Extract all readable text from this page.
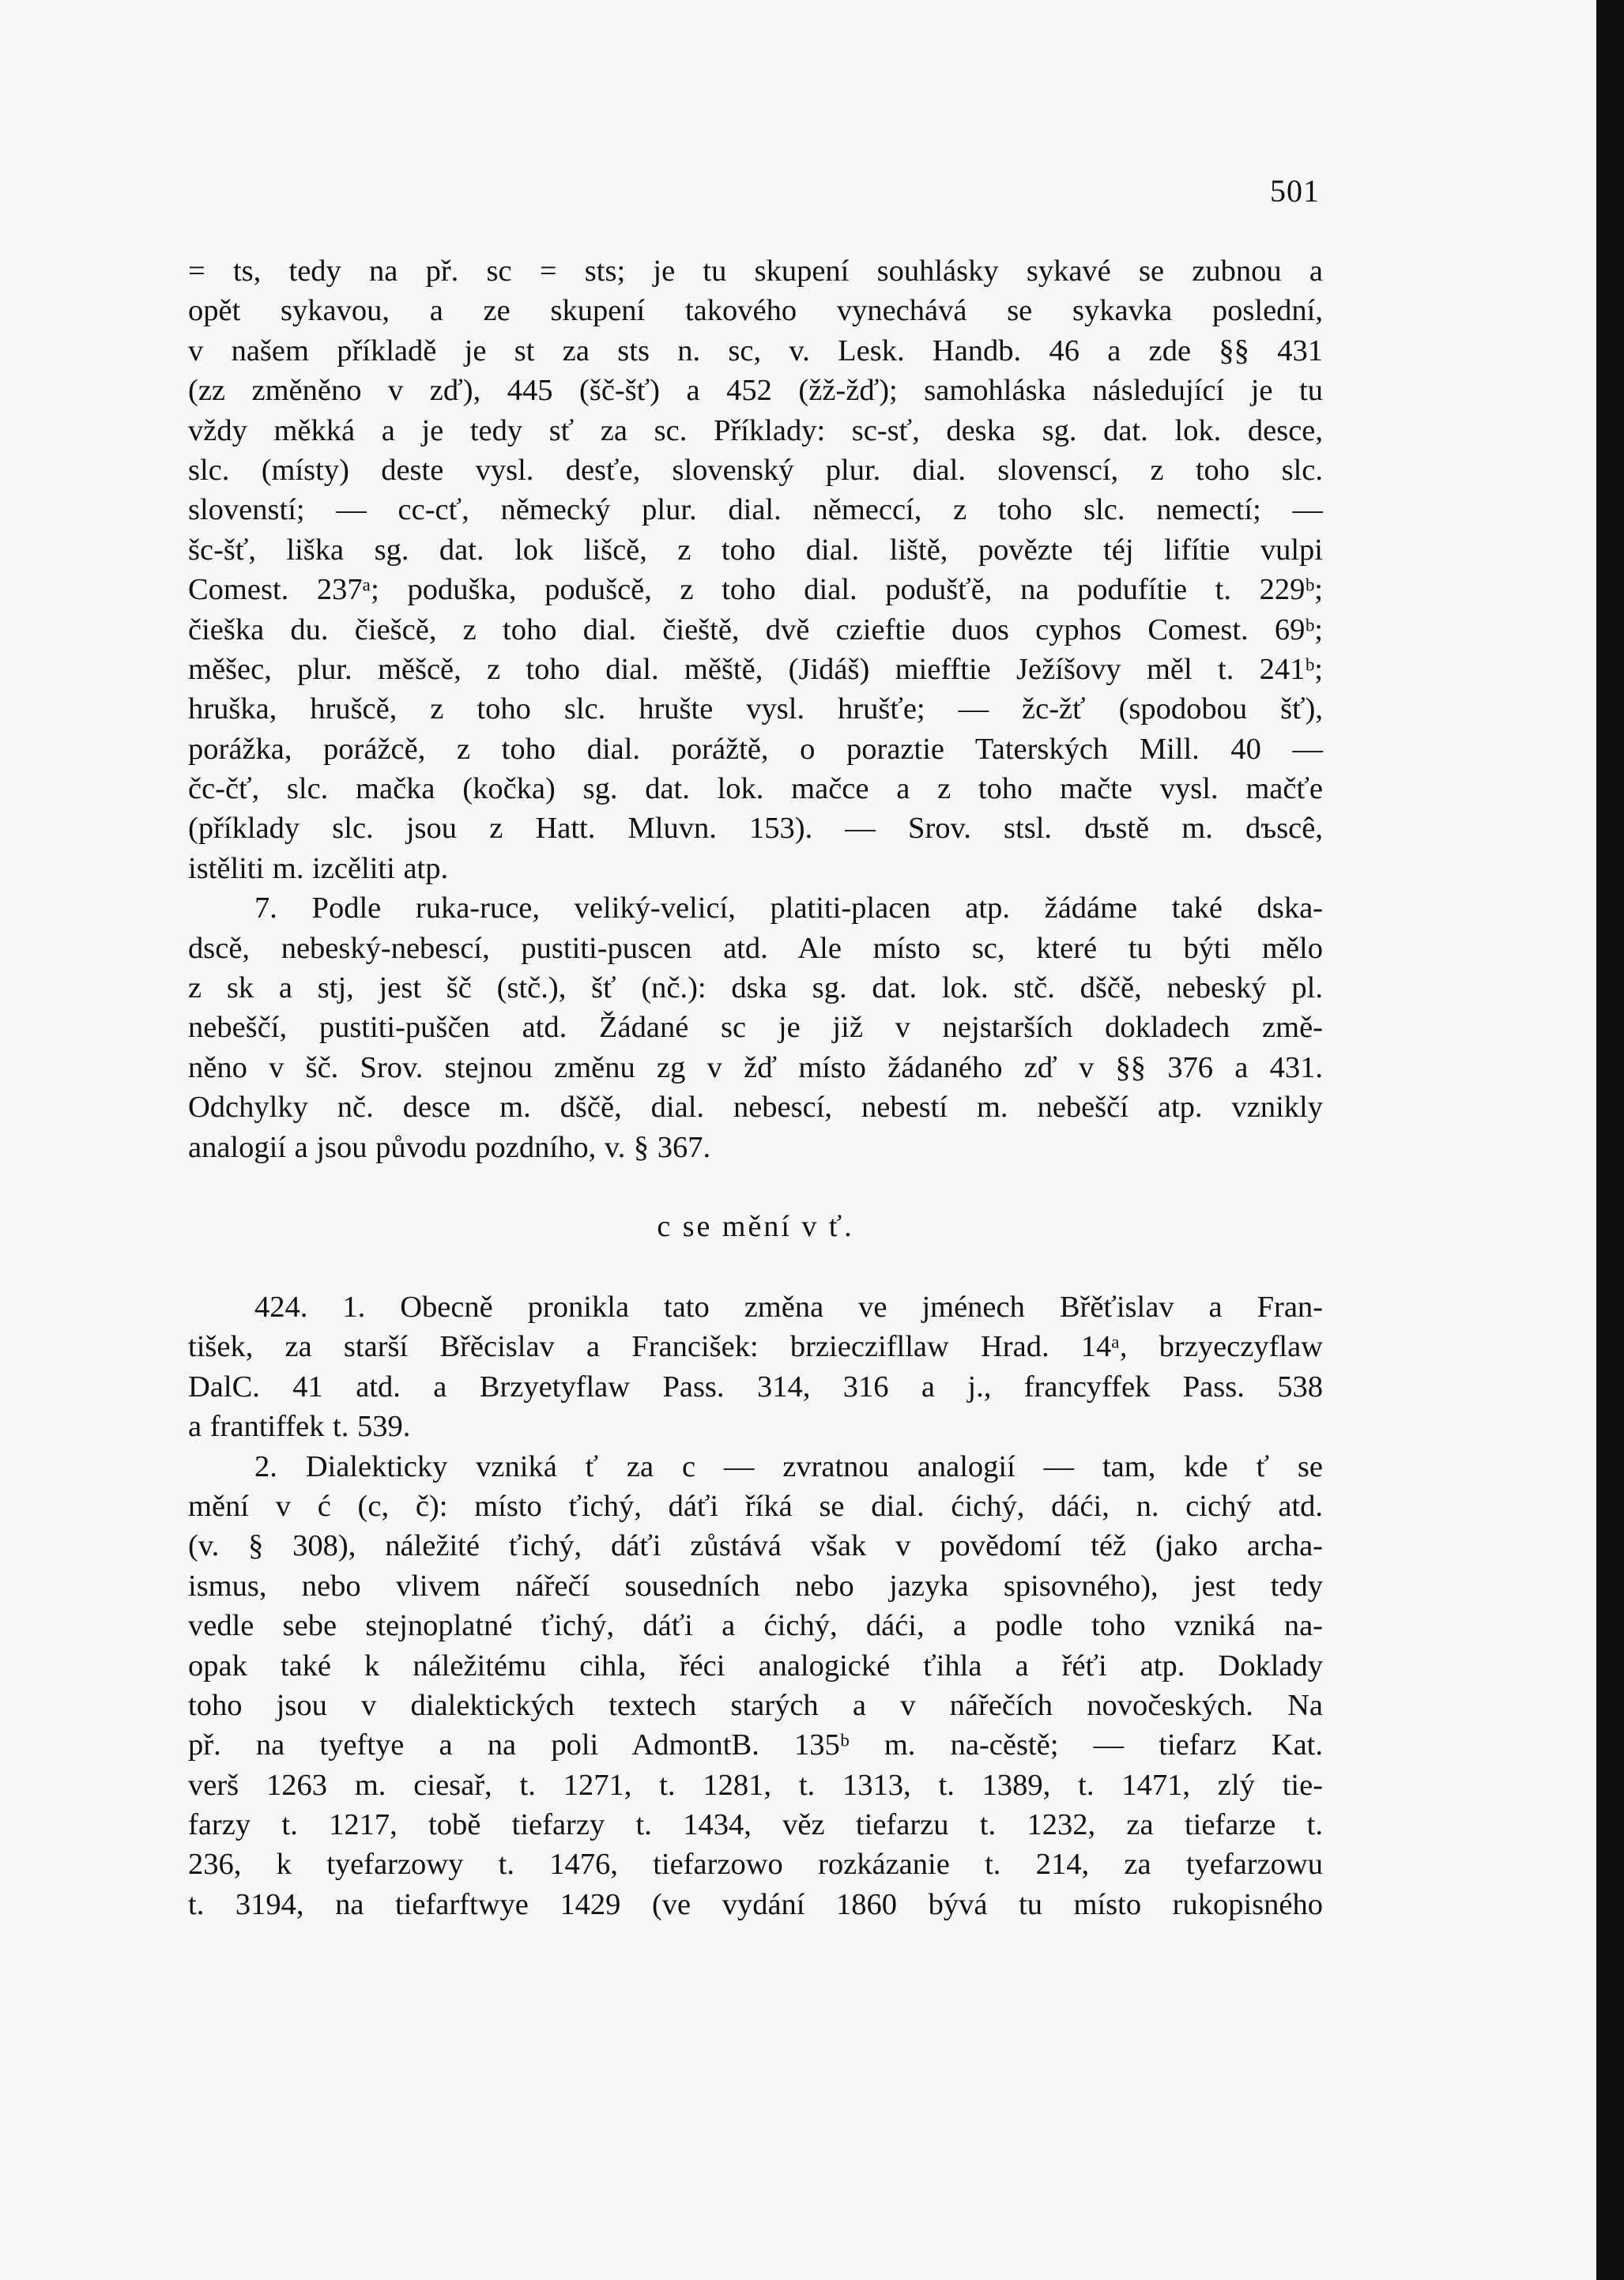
501
= ts, tedy na př. sc = sts; je tu skupení souhlásky sykavé se zubnou a
opět sykavou, a ze skupení takového vynechává se sykavka poslední,
v našem příkladě je st za sts n. sc, v. Lesk. Handb. 46 a zde §§ 431
(zz změněno v zď), 445 (šč-šť) a 452 (žž-žď); samohláska následující je tu
vždy měkká a je tedy sť za sc. Příklady: sc-sť, deska sg. dat. lok. desce,
slc. (místy) deste vysl. desťe, slovenský plur. dial. slovenscí, z toho slc.
slovenstí; — cc-cť, německý plur. dial. němeccí, z toho slc. nemectí; —
šc-šť, liška sg. dat. lok lišcě, z toho dial. liště, povězte téj lifítie vulpi
Comest. 237ᵃ; poduška, podušcě, z toho dial. podušťě, na podufítie t. 229ᵇ;
čieška du. čiešcě, z toho dial. čieště, dvě czieftie duos cyphos Comest. 69ᵇ;
měšec, plur. měšcě, z toho dial. měště, (Jidáš) miefftie Ježíšovy měl t. 241ᵇ;
hruška, hrušcě, z toho slc. hrušte vysl. hrušťe; — žc-žť (spodobou šť),
porážka, porážcě, z toho dial. porážtě, o poraztie Taterských Mill. 40 —
čc-čť, slc. mačka (kočka) sg. dat. lok. mačce a z toho mačte vysl. mačťe
(příklady slc. jsou z Hatt. Mluvn. 153). — Srov. stsl. dъstě m. dъscê,
istěliti m. izcěliti atp.
7. Podle ruka-ruce, veliký-velicí, platiti-placen atp. žádáme také dska-
dscě, nebeský-nebescí, pustiti-puscen atd. Ale místo sc, které tu býti mělo
z sk a stj, jest šč (stč.), šť (nč.): dska sg. dat. lok. stč. dščě, nebeský pl.
nebeščí, pustiti-puščen atd. Žádané sc je již v nejstarších dokladech změ-
něno v šč. Srov. stejnou změnu zg v žď místo žádaného zď v §§ 376 a 431.
Odchylky nč. desce m. dščě, dial. nebescí, nebestí m. nebeščí atp. vznikly
analogií a jsou původu pozdního, v. § 367.
c se mění v ť.
424. 1. Obecně pronikla tato změna ve jménech Břěťislav a Fran-
tišek, za starší Břěcislav a Francišek: brzieczifllaw Hrad. 14ᵃ, brzyeczyflaw
DalC. 41 atd. a Brzyetyflaw Pass. 314, 316 a j., francyffek Pass. 538
a frantiffek t. 539.
2. Dialekticky vzniká ť za c — zvratnou analogií — tam, kde ť se
mění v ć (c, č): místo ťichý, dáťi říká se dial. ćichý, dáći, n. cichý atd.
(v. § 308), náležité ťichý, dáťi zůstává však v povědomí též (jako archa-
ismus, nebo vlivem nářečí sousedních nebo jazyka spisovného), jest tedy
vedle sebe stejnoplatné ťichý, dáťi a ćichý, dáći, a podle toho vzniká na-
opak také k náležitému cihla, řéci analogické ťihla a řéťi atp. Doklady
toho jsou v dialektických textech starých a v nářečích novočeských. Na
př. na tyeftye a na poli AdmontB. 135ᵇ m. na-cěstě; — tiefarz Kat.
verš 1263 m. ciesař, t. 1271, t. 1281, t. 1313, t. 1389, t. 1471, zlý tie-
farzy t. 1217, tobě tiefarzy t. 1434, věz tiefarzu t. 1232, za tiefarze t.
236, k tyefarzowy t. 1476, tiefarzowo rozkázanie t. 214, za tyefarzowu
t. 3194, na tiefarftwye 1429 (ve vydání 1860 bývá tu místo rukopisného
